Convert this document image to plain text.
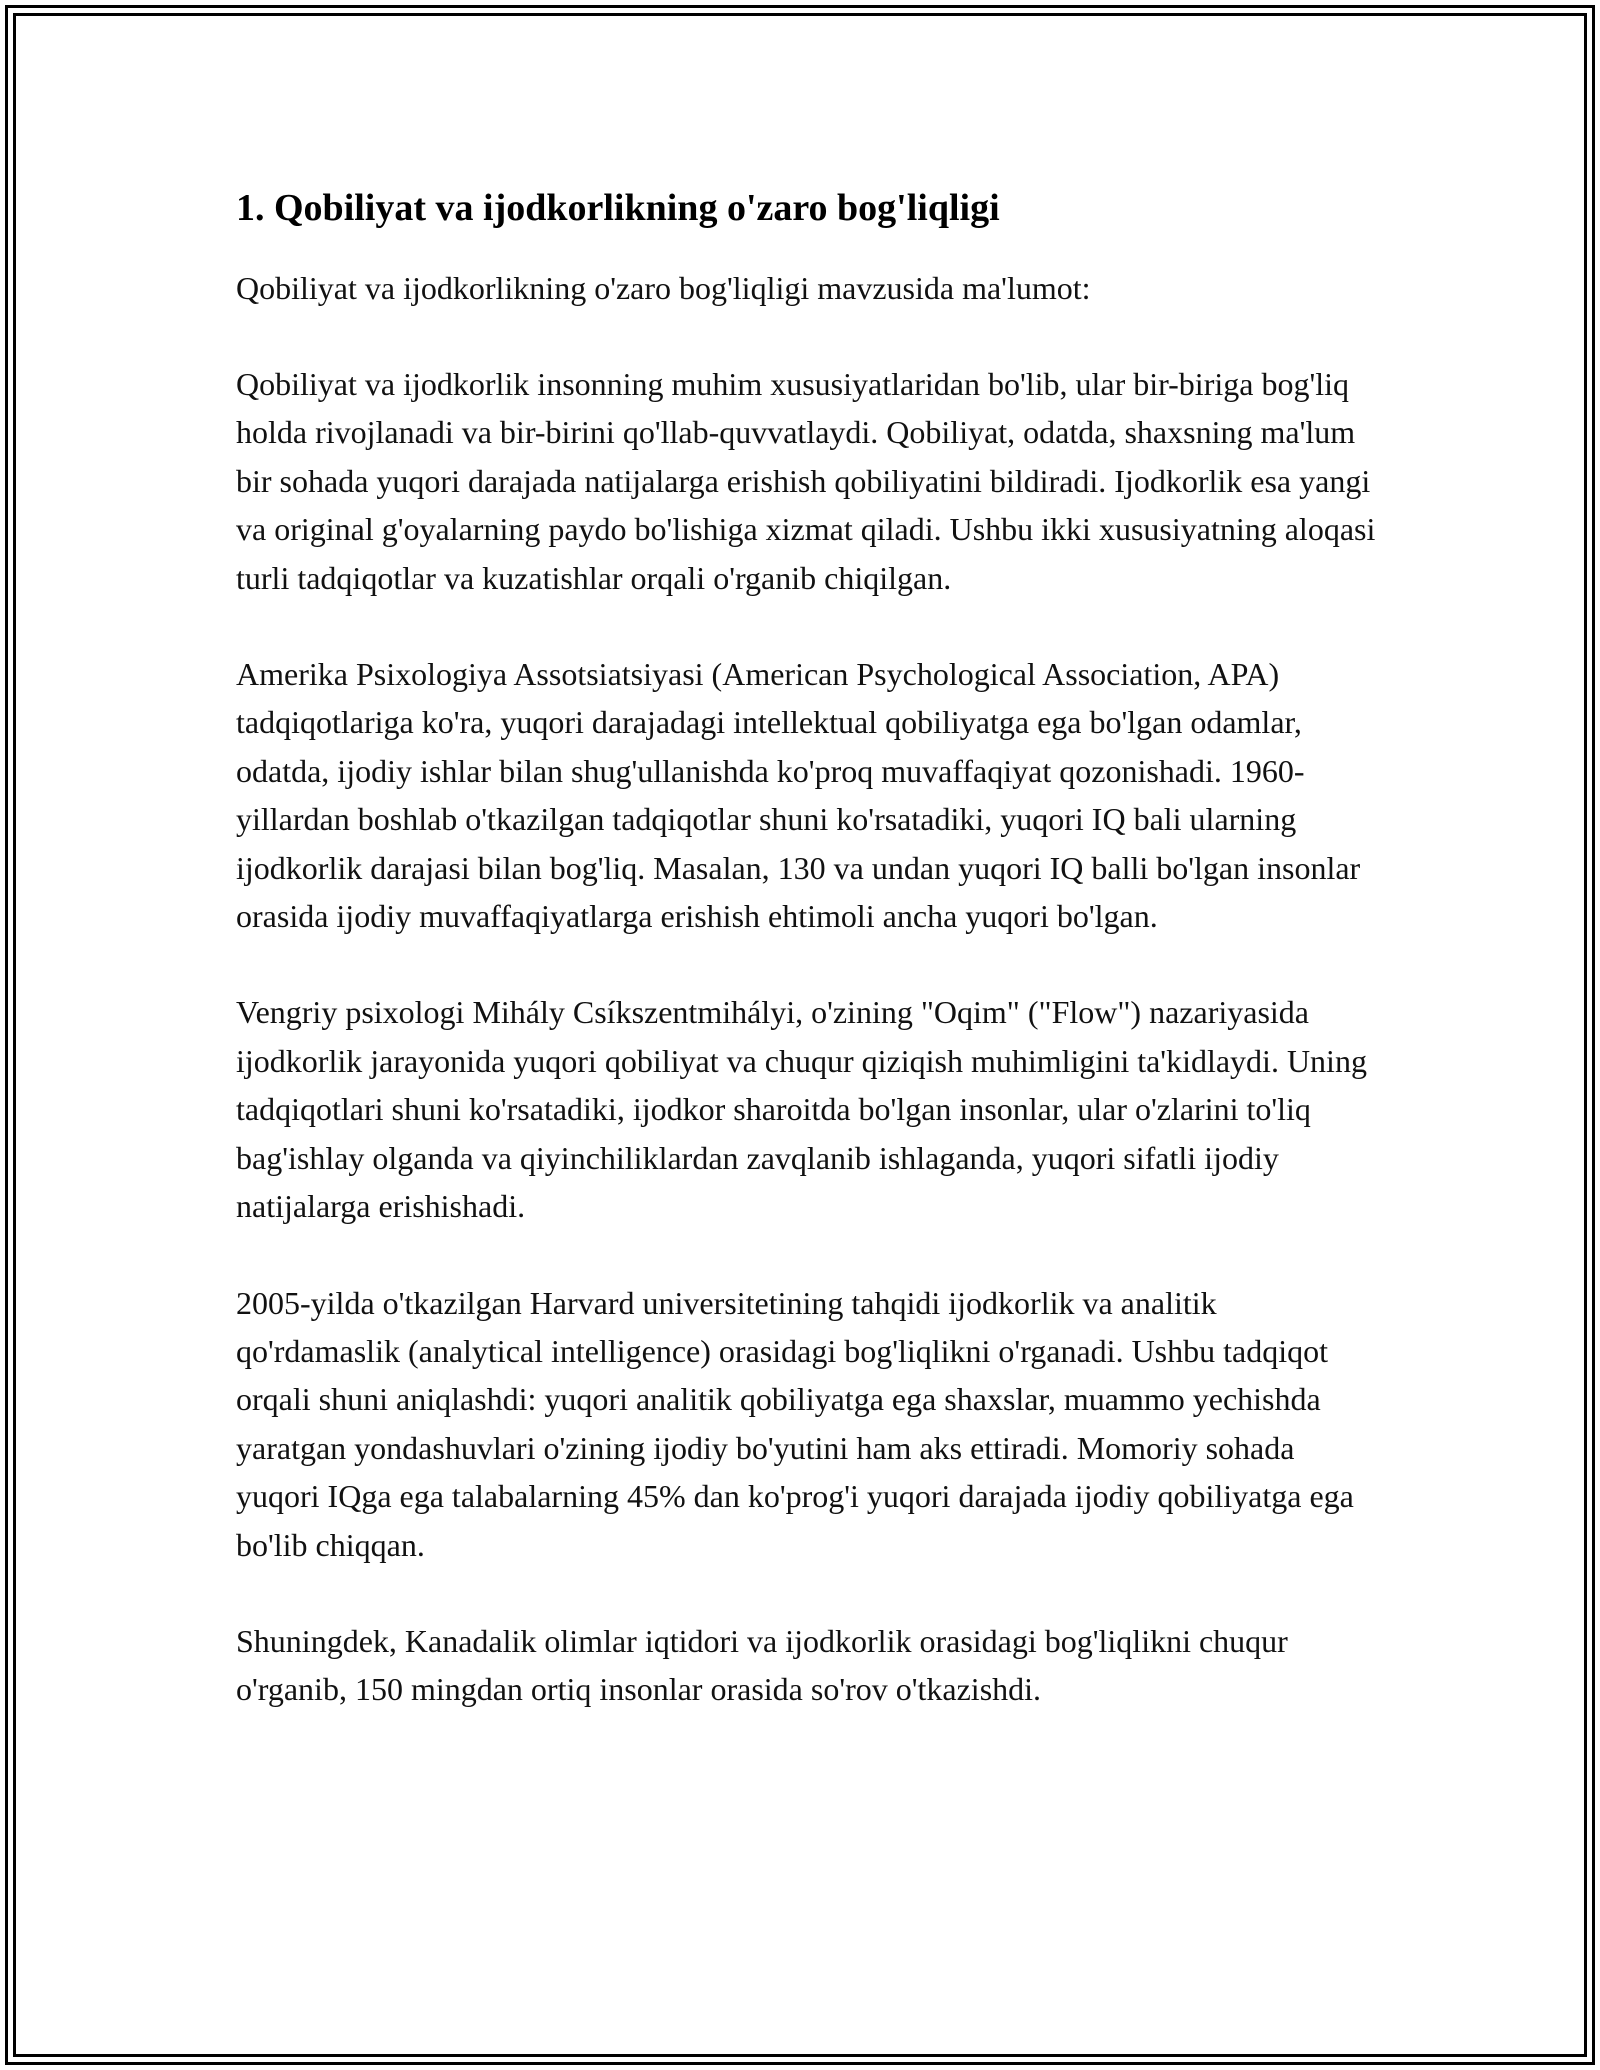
1. Qobiliyat va ijodkorlikning o'zaro bog'liqligi

Qobiliyat va ijodkorlikning o'zaro bog'liqligi mavzusida ma'lumot:

Qobiliyat va ijodkorlik insonning muhim xususiyatlaridan bo'lib, ular bir-biriga bog'liq holda rivojlanadi va bir-birini qo'llab-quvvatlaydi. Qobiliyat, odatda, shaxsning ma'lum bir sohada yuqori darajada natijalarga erishish qobiliyatini bildiradi. Ijodkorlik esa yangi va original g'oyalarning paydo bo'lishiga xizmat qiladi. Ushbu ikki xususiyatning aloqasi turli tadqiqotlar va kuzatishlar orqali o'rganib chiqilgan.

Amerika Psixologiya Assotsiatsiyasi (American Psychological Association, APA) tadqiqotlariga ko'ra, yuqori darajadagi intellektual qobiliyatga ega bo'lgan odamlar, odatda, ijodiy ishlar bilan shug'ullanishda ko'proq muvaffaqiyat qozonishadi. 1960-yillardan boshlab o'tkazilgan tadqiqotlar shuni ko'rsatadiki, yuqori IQ bali ularning ijodkorlik darajasi bilan bog'liq. Masalan, 130 va undan yuqori IQ balli bo'lgan insonlar orasida ijodiy muvaffaqiyatlarga erishish ehtimoli ancha yuqori bo'lgan.

Vengriy psixologi Mihály Csíkszentmihályi, o'zining "Oqim" ("Flow") nazariyasida ijodkorlik jarayonida yuqori qobiliyat va chuqur qiziqish muhimligini ta'kidlaydi. Uning tadqiqotlari shuni ko'rsatadiki, ijodkor sharoitda bo'lgan insonlar, ular o'zlarini to'liq bag'ishlay olganda va qiyinchiliklardan zavqlanib ishlaganda, yuqori sifatli ijodiy natijalarga erishishadi.

2005-yilda o'tkazilgan Harvard universitetining tahqidi ijodkorlik va analitik qo'rdamaslik (analytical intelligence) orasidagi bog'liqlikni o'rganadi. Ushbu tadqiqot orqali shuni aniqlashdi: yuqori analitik qobiliyatga ega shaxslar, muammo yechishda yaratgan yondashuvlari o'zining ijodiy bo'yutini ham aks ettiradi. Momoriy sohada yuqori IQga ega talabalarning 45% dan ko'prog'i yuqori darajada ijodiy qobiliyatga ega bo'lib chiqqan.

Shuningdek, Kanadalik olimlar iqtidori va ijodkorlik orasidagi bog'liqlikni chuqur o'rganib, 150 mingdan ortiq insonlar orasida so'rov o'tkazishdi.
